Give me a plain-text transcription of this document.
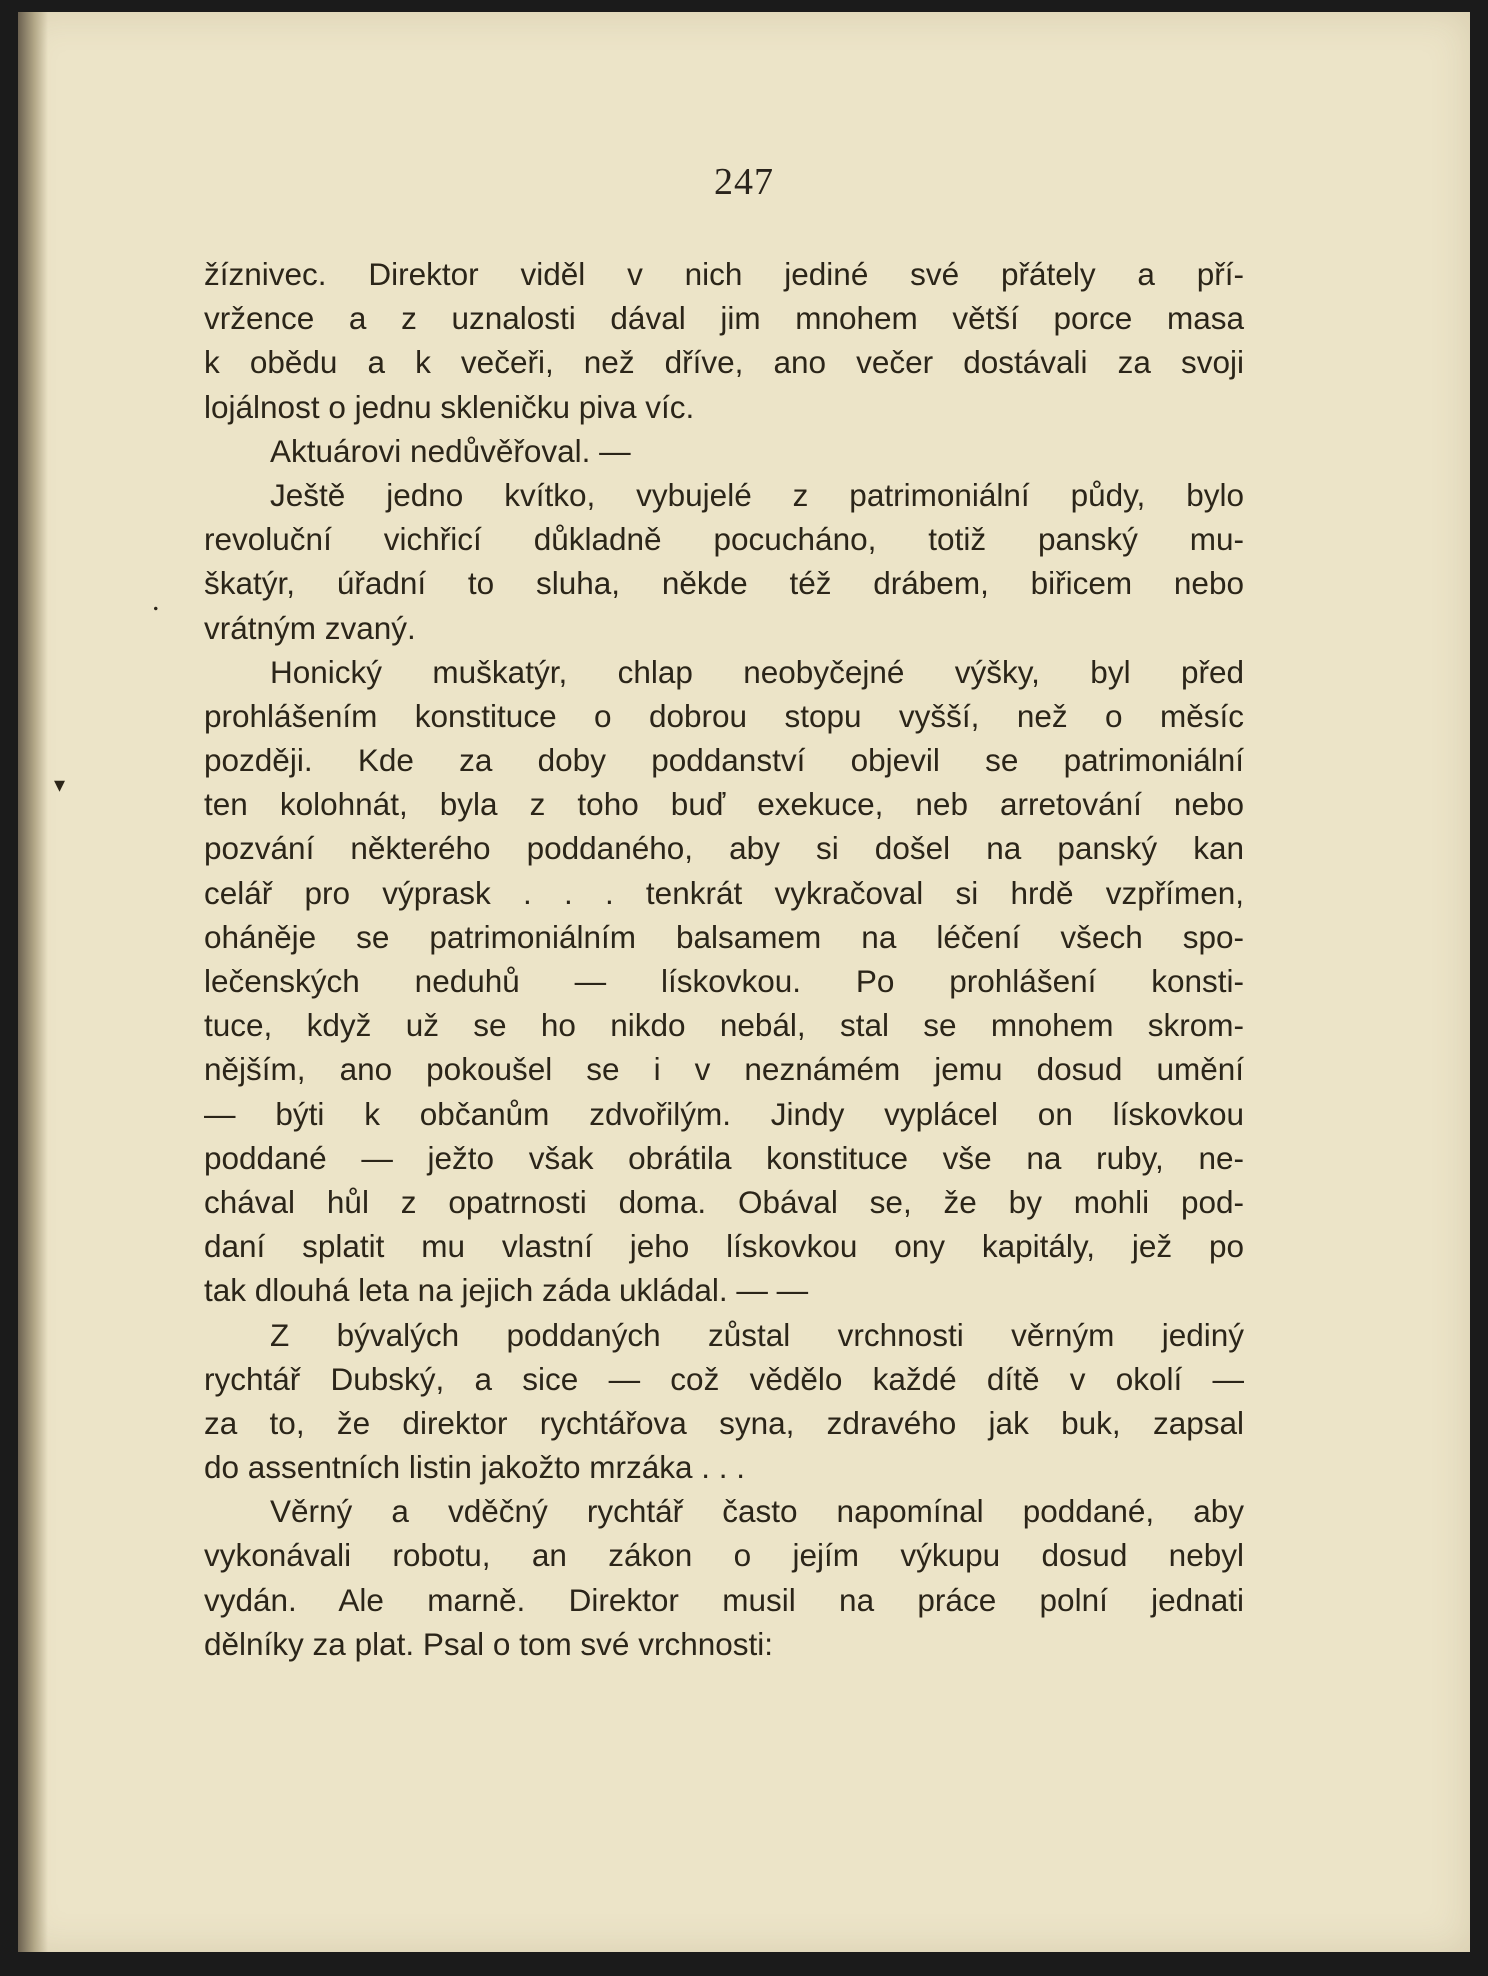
.
▾
247
žíznivec. Direktor viděl v nich jediné své přátely a pří-
vržence a z uznalosti dával jim mnohem větší porce masa
k obědu a k večeři, než dříve, ano večer dostávali za svoji
lojálnost o jednu skleničku piva víc.
Aktuárovi nedůvěřoval. —
Ještě jedno kvítko, vybujelé z patrimoniální půdy, bylo
revoluční vichřicí důkladně pocucháno, totiž panský mu-
škatýr, úřadní to sluha, někde též drábem, biřicem nebo
vrátným zvaný.
Honický muškatýr, chlap neobyčejné výšky, byl před
prohlášením konstituce o dobrou stopu vyšší, než o měsíc
později. Kde za doby poddanství objevil se patrimoniální
ten kolohnát, byla z toho buď exekuce, neb arretování nebo
pozvání některého poddaného, aby si došel na panský kan
celář pro výprask . . . tenkrát vykračoval si hrdě vzpřímen,
oháněje se patrimoniálním balsamem na léčení všech spo-
lečenských neduhů — lískovkou. Po prohlášení konsti-
tuce, když už se ho nikdo nebál, stal se mnohem skrom-
nějším, ano pokoušel se i v neznámém jemu dosud umění
— býti k občanům zdvořilým. Jindy vyplácel on lískovkou
poddané — ježto však obrátila konstituce vše na ruby, ne-
chával hůl z opatrnosti doma. Obával se, že by mohli pod-
daní splatit mu vlastní jeho lískovkou ony kapitály, jež po
tak dlouhá leta na jejich záda ukládal. — —
Z bývalých poddaných zůstal vrchnosti věrným jediný
rychtář Dubský, a sice — což vědělo každé dítě v okolí —
za to, že direktor rychtářova syna, zdravého jak buk, zapsal
do assentních listin jakožto mrzáka . . .
Věrný a vděčný rychtář často napomínal poddané, aby
vykonávali robotu, an zákon o jejím výkupu dosud nebyl
vydán. Ale marně. Direktor musil na práce polní jednati
dělníky za plat. Psal o tom své vrchnosti:
